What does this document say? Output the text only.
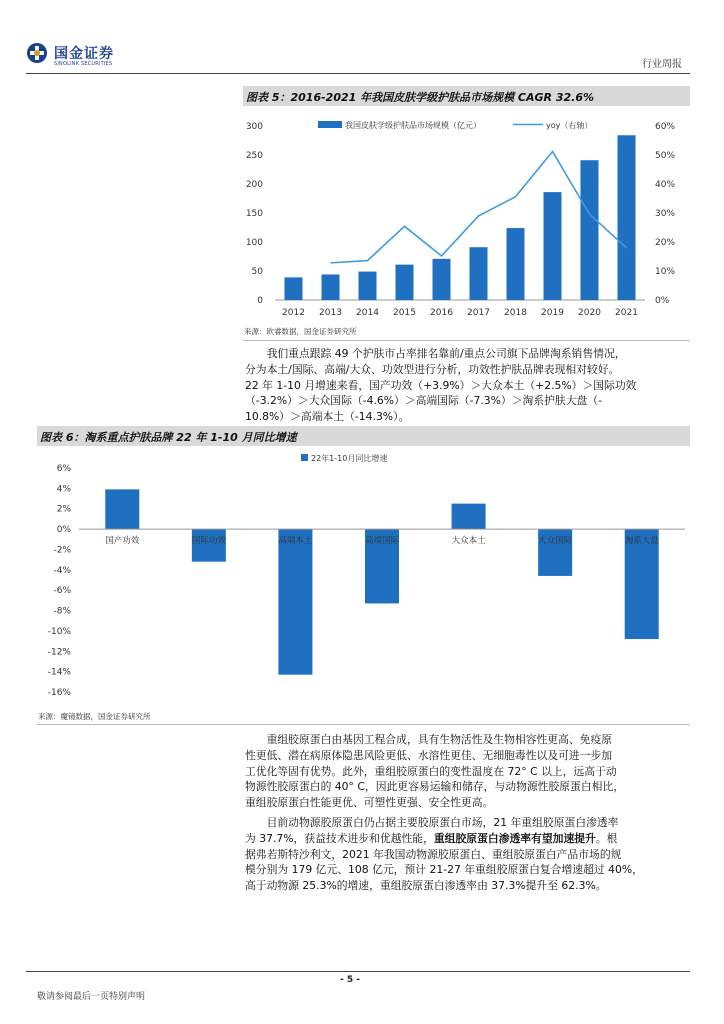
国金证券
SINOLINK SECURITIES	行业周报
图表 5：2016-2021 年我国皮肤学级护肤品市场规模 CAGR 32.6%
0
50
100
150
200
250
300
0%
10%
20%
30%
40%
50%
60%
2012 2013 2014 2015 2016 2017 2018 2019 2020 2021
我国皮肤学级护肤品市场规模（亿元）	yoy（右轴）
来源：欧睿数据，国金证券研究所
我们重点跟踪 49 个护肤市占率排名靠前/重点公司旗下品牌淘系销售情况，
分为本土/国际、高端/大众、功效型进行分析，功效性护肤品牌表现相对较好。
22 年 1-10 月增速来看，国产功效（+3.9%）＞大众本土（+2.5%）＞国际功效
（-3.2%）＞大众国际（-4.6%）＞高端国际（-7.3%）＞淘系护肤大盘（-
10.8%）＞高端本土（-14.3%）。
图表 6：淘系重点护肤品牌 22 年 1-10 月同比增速
6%
4%
2%
0%
-2%
-4%
-6%
-8%
-10%
-12%
-14%
-16%
国产功效	国际功效	高端本土	高端国际	大众本土	大众国际	淘系大盘
22年1-10月同比增速
来源：魔镜数据，国金证券研究所
重组胶原蛋白由基因工程合成，具有生物活性及生物相容性更高、免疫原
性更低、潜在病原体隐患风险更低、水溶性更佳、无细胞毒性以及可进一步加
工优化等固有优势。此外，重组胶原蛋白的变性温度在 72° C 以上，远高于动
物源性胶原蛋白的 40° C，因此更容易运输和储存，与动物源性胶原蛋白相比，
重组胶原蛋白性能更优、可塑性更强、安全性更高。
目前动物源胶原蛋白仍占据主要胶原蛋白市场，21 年重组胶原蛋白渗透率
为 37.7%，获益技术进步和优越性能，重组胶原蛋白渗透率有望加速提升。根
据弗若斯特沙利文，2021 年我国动物源胶原蛋白、重组胶原蛋白产品市场的规
模分别为 179 亿元、108 亿元，预计 21-27 年重组胶原蛋白复合增速超过 40%，
高于动物源 25.3%的增速，重组胶原蛋白渗透率由 37.3%提升至 62.3%。
- 5 -
敬请参阅最后一页特别声明
